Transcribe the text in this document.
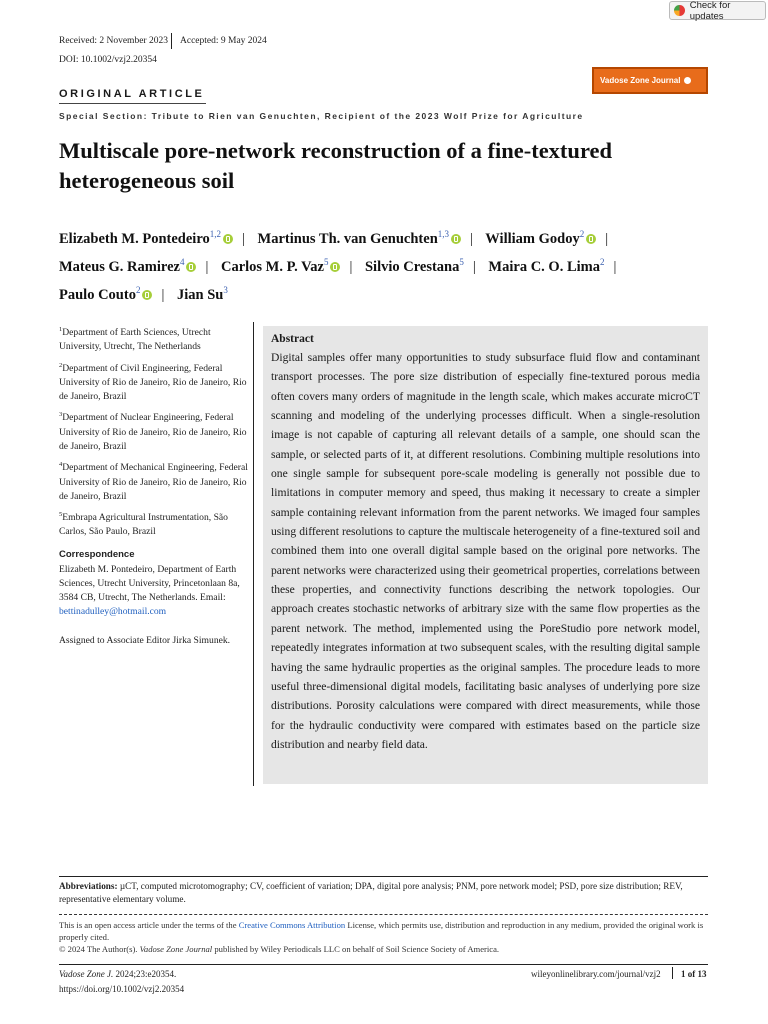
Check for updates
Received: 2 November 2023 Accepted: 9 May 2024
DOI: 10.1002/vzj2.20354
Vadose Zone Journal
ORIGINAL ARTICLE
Special Section: Tribute to Rien van Genuchten, Recipient of the 2023 Wolf Prize for Agriculture
Multiscale pore-network reconstruction of a fine-textured heterogeneous soil
Elizabeth M. Pontedeiro$^{1,2}$ | Martinus Th. van Genuchten$^{1,3}$ | William Godoy$^2$ |
Mateus G. Ramirez$^4$ | Carlos M. P. Vaz$^5$ | Silvio Crestana$^5$ | Maira C. O. Lima$^2$ |
Paulo Couto$^2$ | Jian Su$^3$
$^1$Department of Earth Sciences, Utrecht University, Utrecht, The Netherlands
$^2$Department of Civil Engineering, Federal University of Rio de Janeiro, Rio de Janeiro, Rio de Janeiro, Brazil
$^3$Department of Nuclear Engineering, Federal University of Rio de Janeiro, Rio de Janeiro, Rio de Janeiro, Brazil
$^4$Department of Mechanical Engineering, Federal University of Rio de Janeiro, Rio de Janeiro, Rio de Janeiro, Brazil
$^5$Embrapa Agricultural Instrumentation, São Carlos, São Paulo, Brazil
Correspondence
Elizabeth M. Pontedeiro, Department of Earth Sciences, Utrecht University, Princetonlaan 8a, 3584 CB, Utrecht, The Netherlands. Email:
bettinadulley@hotmail.com
Assigned to Associate Editor Jirka Simunek.
Abstract

Digital samples offer many opportunities to study subsurface fluid flow and contaminant transport processes. The pore size distribution of especially fine-textured porous media often covers many orders of magnitude in the length scale, which makes accurate microCT scanning and modeling of the underlying processes difficult. When a single-resolution image is not capable of capturing all relevant details of a sample, one should scan the sample, or selected parts of it, at different resolutions. Combining multiple resolutions into one single sample for subsequent pore-scale modeling is generally not possible due to limitations in computer memory and speed, thus making it necessary to create a simpler sample containing relevant information from the parent networks. We imaged four samples using different resolutions to capture the multiscale heterogeneity of a fine-textured soil and combined them into one overall digital sample based on the original pore networks. The parent networks were characterized using their geometrical properties, correlations between these properties, and connectivity functions describing the network topologies. Our approach creates stochastic networks of arbitrary size with the same flow properties as the parent network. The method, implemented using the PoreStudio pore network model, repeatedly integrates information at two subsequent scales, with the resulting digital sample having the same hydraulic properties as the original samples. The procedure leads to more useful three-dimensional digital models, facilitating basic analyses of underlying pore size distributions. Porosity calculations were compared with direct measurements, while those for the hydraulic conductivity were compared with estimates based on the particle size distribution and nearby field data.

Abbreviations: µCT, computed microtomography; CV, coefficient of variation; DPA, digital pore analysis; PNM, pore network model; PSD, pore size distribution; REV, representative elementary volume.
This is an open access article under the terms of the Creative Commons Attribution License, which permits use, distribution and reproduction in any medium, provided the original work is properly cited.
© 2024 The Author(s). Vadose Zone Journal published by Wiley Periodicals LLC on behalf of Soil Science Society of America.
Vadose Zone J. 2024;23:e20354.
https://doi.org/10.1002/vzj2.20354
wileyonlinelibrary.com/journal/vzj2 1 of 13
